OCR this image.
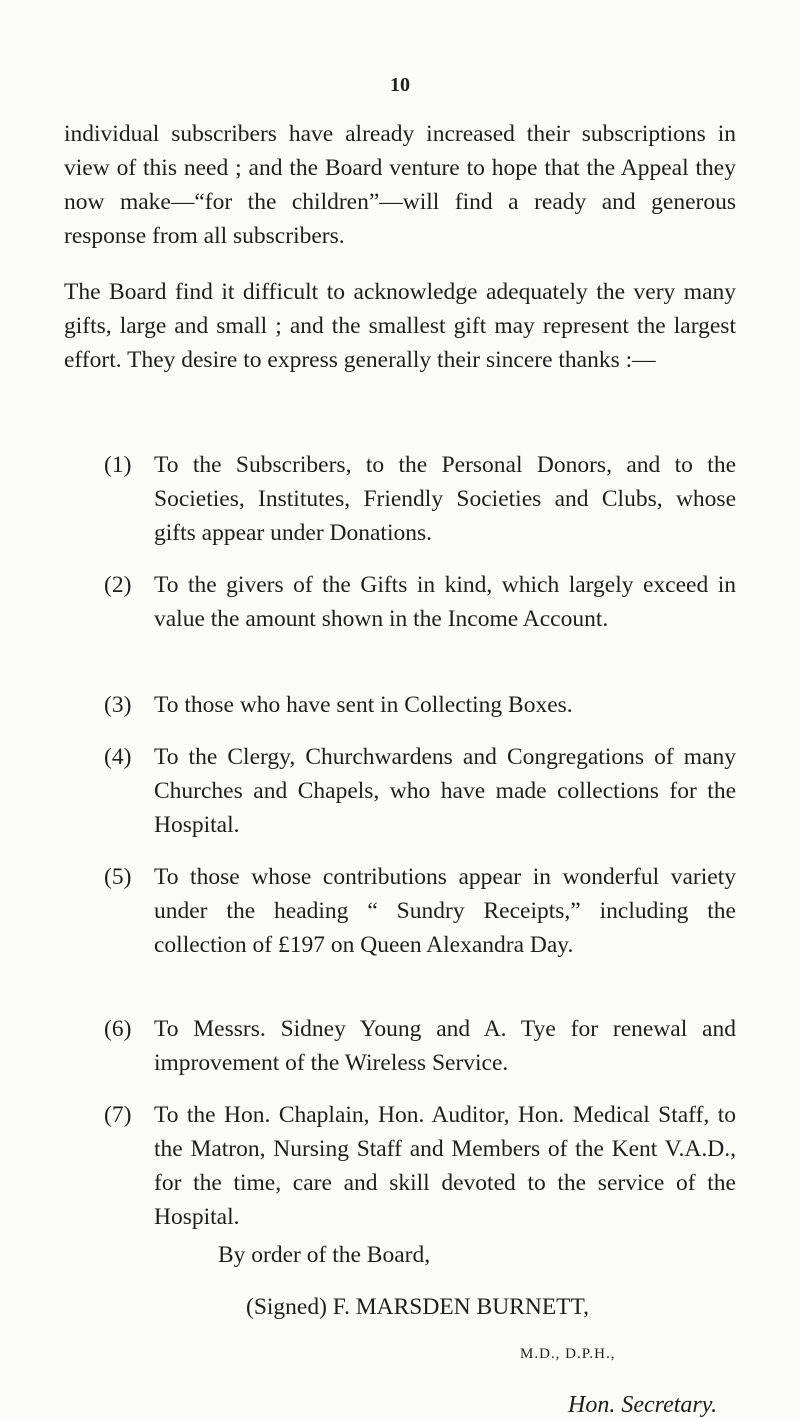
10

individual subscribers have already increased their subscriptions in view of this need ; and the Board venture to hope that the Appeal they now make—“for the children”—will find a ready and generous response from all subscribers.

The Board find it difficult to acknowledge adequately the very many gifts, large and small ; and the smallest gift may represent the largest effort. They desire to express generally their sincere thanks :—

(1) To the Subscribers, to the Personal Donors, and to the Societies, Institutes, Friendly Societies and Clubs, whose gifts appear under Donations.
(2) To the givers of the Gifts in kind, which largely exceed in value the amount shown in the Income Account.
(3) To those who have sent in Collecting Boxes.
(4) To the Clergy, Churchwardens and Congregations of many Churches and Chapels, who have made collections for the Hospital.
(5) To those whose contributions appear in wonderful variety under the heading “ Sundry Receipts,” including the collection of £197 on Queen Alexandra Day.
(6) To Messrs. Sidney Young and A. Tye for renewal and improvement of the Wireless Service.
(7) To the Hon. Chaplain, Hon. Auditor, Hon. Medical Staff, to the Matron, Nursing Staff and Members of the Kent V.A.D., for the time, care and skill devoted to the service of the Hospital.
By order of the Board,
(Signed) F. MARSDEN BURNETT,
M.D., D.P.H.,
Hon. Secretary.
